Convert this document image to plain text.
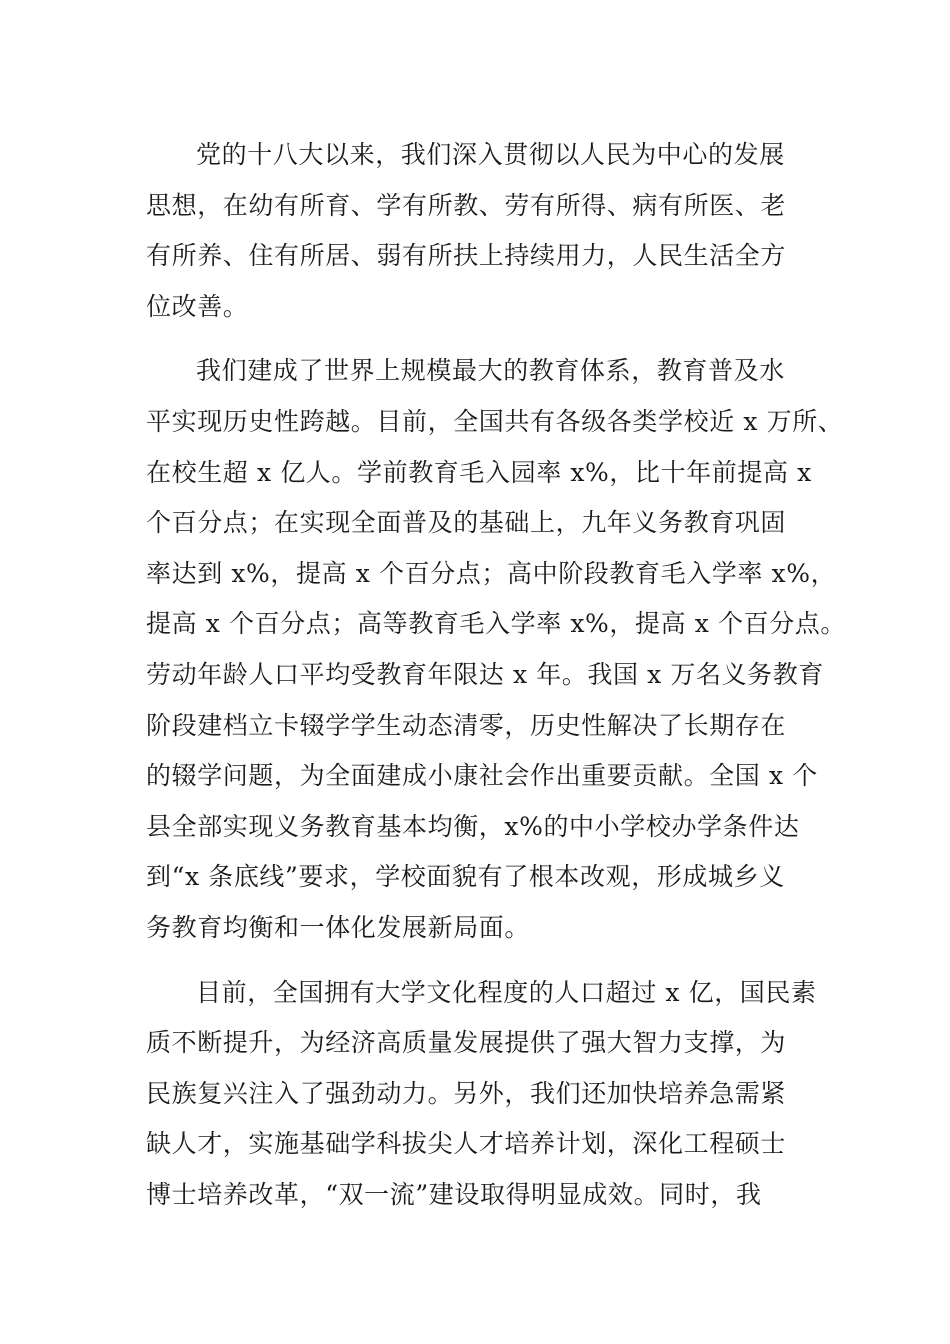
党的十八大以来，我们深入贯彻以人民为中心的发展
思想，在幼有所育、学有所教、劳有所得、病有所医、老
有所养、住有所居、弱有所扶上持续用力，人民生活全方
位改善。
我们建成了世界上规模最大的教育体系，教育普及水
平实现历史性跨越。目前，全国共有各级各类学校近 x 万所、
在校生超 x 亿人。学前教育毛入园率 x%，比十年前提高 x
个百分点；在实现全面普及的基础上，九年义务教育巩固
率达到 x%，提高 x 个百分点；高中阶段教育毛入学率 x%，
提高 x 个百分点；高等教育毛入学率 x%，提高 x 个百分点。
劳动年龄人口平均受教育年限达 x 年。我国 x 万名义务教育
阶段建档立卡辍学学生动态清零，历史性解决了长期存在
的辍学问题，为全面建成小康社会作出重要贡献。全国 x 个
县全部实现义务教育基本均衡，x%的中小学校办学条件达
到“x 条底线”要求，学校面貌有了根本改观，形成城乡义
务教育均衡和一体化发展新局面。
目前，全国拥有大学文化程度的人口超过 x 亿，国民素
质不断提升，为经济高质量发展提供了强大智力支撑，为
民族复兴注入了强劲动力。另外，我们还加快培养急需紧
缺人才，实施基础学科拔尖人才培养计划，深化工程硕士
博士培养改革，“双一流”建设取得明显成效。同时，我
